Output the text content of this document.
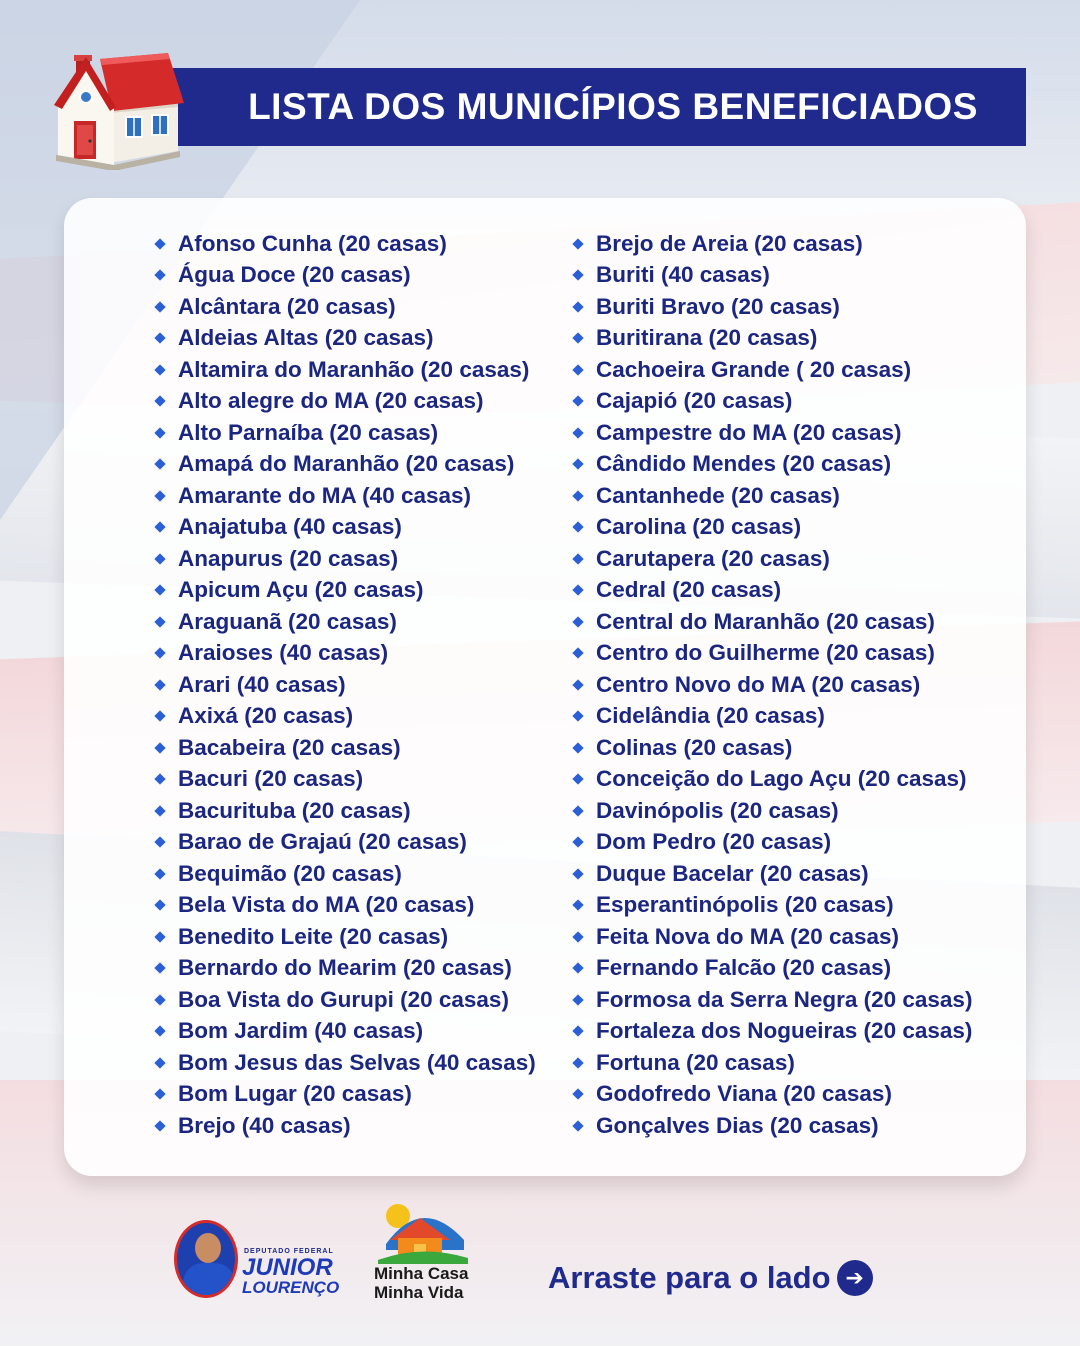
LISTA DOS MUNICÍPIOS BENEFICIADOS
Afonso Cunha (20 casas)
Água Doce (20 casas)
Alcântara (20 casas)
Aldeias Altas (20 casas)
Altamira do Maranhão (20 casas)
Alto alegre do MA (20 casas)
Alto Parnaíba (20 casas)
Amapá do Maranhão (20 casas)
Amarante do MA (40 casas)
Anajatuba (40 casas)
Anapurus (20 casas)
Apicum Açu (20 casas)
Araguanã (20 casas)
Araioses (40 casas)
Arari (40 casas)
Axixá (20 casas)
Bacabeira (20 casas)
Bacuri (20 casas)
Bacurituba (20 casas)
Barao de Grajaú (20 casas)
Bequimão (20 casas)
Bela Vista do MA (20 casas)
Benedito Leite (20 casas)
Bernardo do Mearim (20 casas)
Boa Vista do Gurupi (20 casas)
Bom Jardim (40 casas)
Bom Jesus das Selvas (40 casas)
Bom Lugar (20 casas)
Brejo (40 casas)
Brejo de Areia (20 casas)
Buriti (40 casas)
Buriti Bravo (20 casas)
Buritirana (20 casas)
Cachoeira Grande ( 20 casas)
Cajapió (20 casas)
Campestre do MA (20 casas)
Cândido Mendes (20 casas)
Cantanhede (20 casas)
Carolina (20 casas)
Carutapera (20 casas)
Cedral (20 casas)
Central do Maranhão (20 casas)
Centro do Guilherme (20 casas)
Centro Novo do MA (20 casas)
Cidelândia (20 casas)
Colinas (20 casas)
Conceição do Lago Açu (20 casas)
Davinópolis (20 casas)
Dom Pedro (20 casas)
Duque Bacelar (20 casas)
Esperantinópolis (20 casas)
Feita Nova do MA (20 casas)
Fernando Falcão (20 casas)
Formosa da Serra Negra (20 casas)
Fortaleza dos Nogueiras (20 casas)
Fortuna (20 casas)
Godofredo Viana (20 casas)
Gonçalves Dias (20 casas)
DEPUTADO FEDERAL
JUNIOR
LOURENÇO
Minha Casa
Minha Vida	Arraste para o lado ➔
